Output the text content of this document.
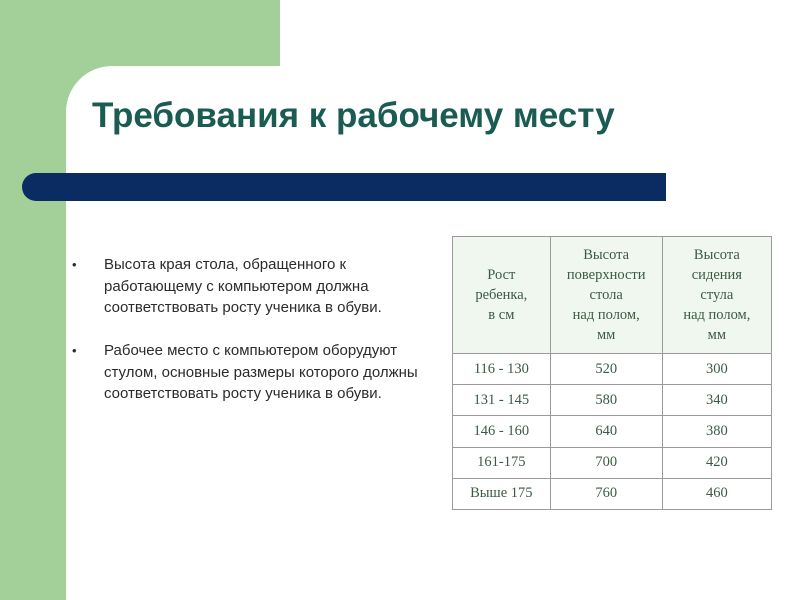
Требования к рабочему месту
• Высота края стола, обращенного к работающему с компьютером должна соответствовать росту ученика в обуви.
• Рабочее место с компьютером оборудуют стулом, основные размеры которого должны соответствовать росту ученика в обуви.
Рост
ребенка,
в см	Высота
поверхности
стола
над полом,
мм	Высота
сидения
стула
над полом,
мм
116 - 130	520	300
131 - 145	580	340
146 - 160	640	380
161-175	700	420
Выше 175	760	460
